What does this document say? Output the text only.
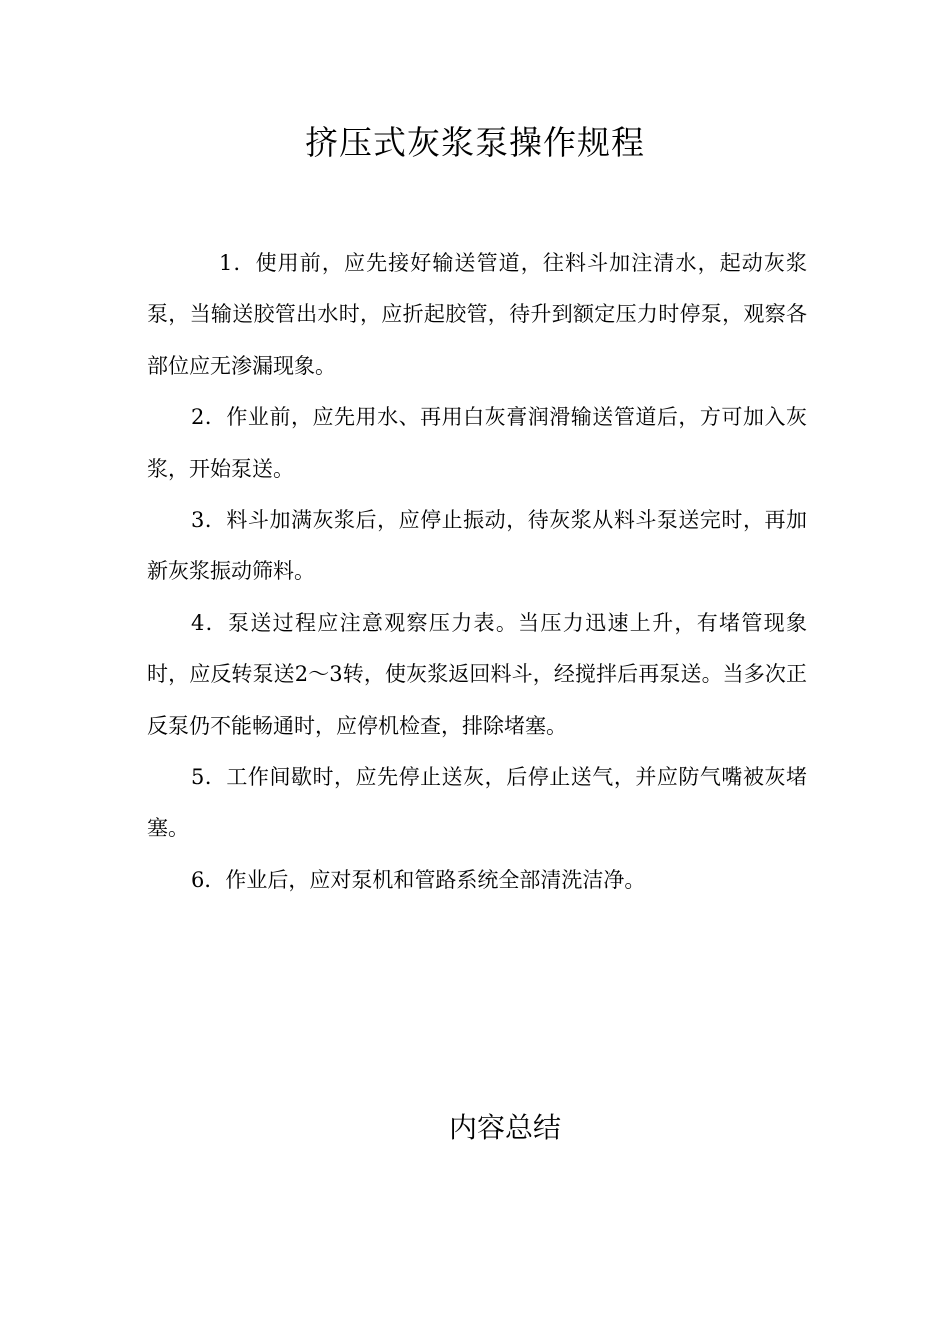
挤压式灰浆泵操作规程

1．使用前，应先接好输送管道，往料斗加注清水，起动灰浆泵，当输送胶管出水时，应折起胶管，待升到额定压力时停泵，观察各部位应无渗漏现象。

2．作业前，应先用水、再用白灰膏润滑输送管道后，方可加入灰浆，开始泵送。

3．料斗加满灰浆后，应停止振动，待灰浆从料斗泵送完时，再加新灰浆振动筛料。

4．泵送过程应注意观察压力表。当压力迅速上升，有堵管现象时，应反转泵送2～3转，使灰浆返回料斗，经搅拌后再泵送。当多次正反泵仍不能畅通时，应停机检查，排除堵塞。

5．工作间歇时，应先停止送灰，后停止送气，并应防气嘴被灰堵塞。

6．作业后，应对泵机和管路系统全部清洗洁净。

内容总结
